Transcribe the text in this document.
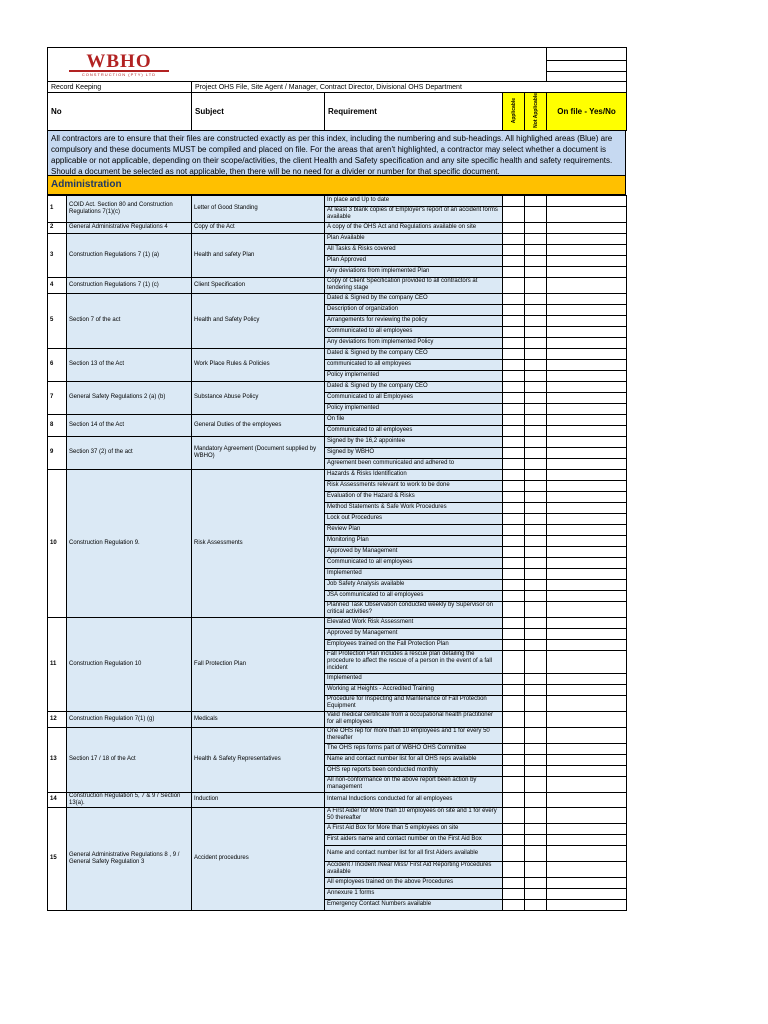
WBHO
CONSTRUCTION (PTY) LTD					

Record Keeping	Project OHS File, Site Agent / Manager, Contract Director, Divisional OHS Department				
No	Subject	Requirement	Applicable	Not Applicable	On file - Yes/No
All contractors are to ensure that their files are constructed exactly as per this index, including the numbering and sub-headings. All highlighed areas (Blue) are compulsory and these documents MUST be compiled and placed on file. For the areas that aren't highlighted, a contractor may select whether a document is applicable or not applicable, depending on their scope/activities, the client Health and Safety specification and any site specific health and safety requirements. Should a document be selected as not applicable, then there will be no need for a divider or number for that specific document.
Administration
1	COID Act. Section 80 and Construction Regulations 7(1)(c)	Letter of Good Standing	In place and Up to date			
			At least 3 blank copies of Employer's report of an accident forms available			
2	General Administrative Regulations 4	Copy of the Act	A copy of the OHS Act and Regulations available on site			
3	Construction Regulations 7 (1) (a)	Health and safety Plan	Plan Available			
			All Tasks & Risks covered			
			Plan Approved			
			Any deviations from implemented Plan			
4	Construction Regulations 7 (1) (c)	Client Specification	Copy of Client Specification provided to all contractors at tendering stage			
5	Section 7 of the act	Health and Safety Policy	Dated & Signed by the company CEO			
			Description of organization			
			Arrangements for reviewing the policy			
			Communicated to all employees			
			Any deviations from implemented Policy			
6	Section 13 of the Act	Work Place Rules & Policies	Dated & Signed by the company CEO			
			communicated to all employees			
			Policy implemented			
7	General Safety Regulations 2 (a) (b)	Substance Abuse Policy	Dated & Signed by the company CEO			
			Communicated to all Employees			
			Policy implemented			
8	Section 14 of the Act	General Duties of the employees	On file			
			Communicated to all employees			
9	Section 37 (2) of the act	Mandatory Agreement (Document supplied by WBHO)	Signed by the 16,2 appointee			
			Signed by WBHO			
			Agreement been communicated and adhered to			
10	Construction Regulation 9.	Risk Assessments	Hazards & Risks Identification			
			Risk Assessments relevant to work to be done			
			Evaluation of the Hazard & Risks			
			Method Statements & Safe Work Procedures			
			Lock out Procedures			
			Review Plan			
			Monitoring Plan			
			Approved by Management			
			Communicated to all employees			
			Implemented			
			Job Safety Analysis available			
			JSA communicated to all employees			
			Planned Task Observation conducted weekly by Supervisor on critical activities?			
11	Construction Regulation 10	Fall Protection Plan	Elevated Work Risk Assessment			
			Approved by Management			
			Employees trained on the Fall Protection Plan			
			Fall Protection Plan includes a rescue plan detailing the procedure to affect the rescue of a person in the event of a fall incident			
			Implemented			
			Working at Heights - Accredited Training			
			Procedure for Inspecting and Maintenance of Fall Protection Equipment			
12	Construction Regulation 7(1) (g)	Medicals	Valid medical certificate from a occupational health practitioner for all employees			
13	Section 17 / 18 of the Act	Health & Safety Representatives	One OHS rep for more than 10 employees and 1 for every 50 thereafter			
			The OHS reps forms part of WBHO OHS Committee			
			Name and contact number list for all OHS reps available			
			OHS rep reports been conducted monthly			
			All non-conformance on the above report been action by management			
14	Construction Regulation 5, 7 & 9 / Section 13(a).	Induction	Internal Inductions conducted for all employees			
15	General Administrative Regulations 8 , 9 / General Safety Regulation 3	Accident procedures	A First Aider for More than 10 employees on site and 1 for every 50 thereafter			
			A First Aid Box for More than 5 employees on site			
			First aiders name and contact number on the First Aid Box			
			Name and contact number list for all first Aiders available			
			Accident / Incident /Near Miss/ First Aid Reporting Procedures available			
			All employees trained on the above Procedures			
			Annexure 1 forms			
			Emergency Contact Numbers available			
